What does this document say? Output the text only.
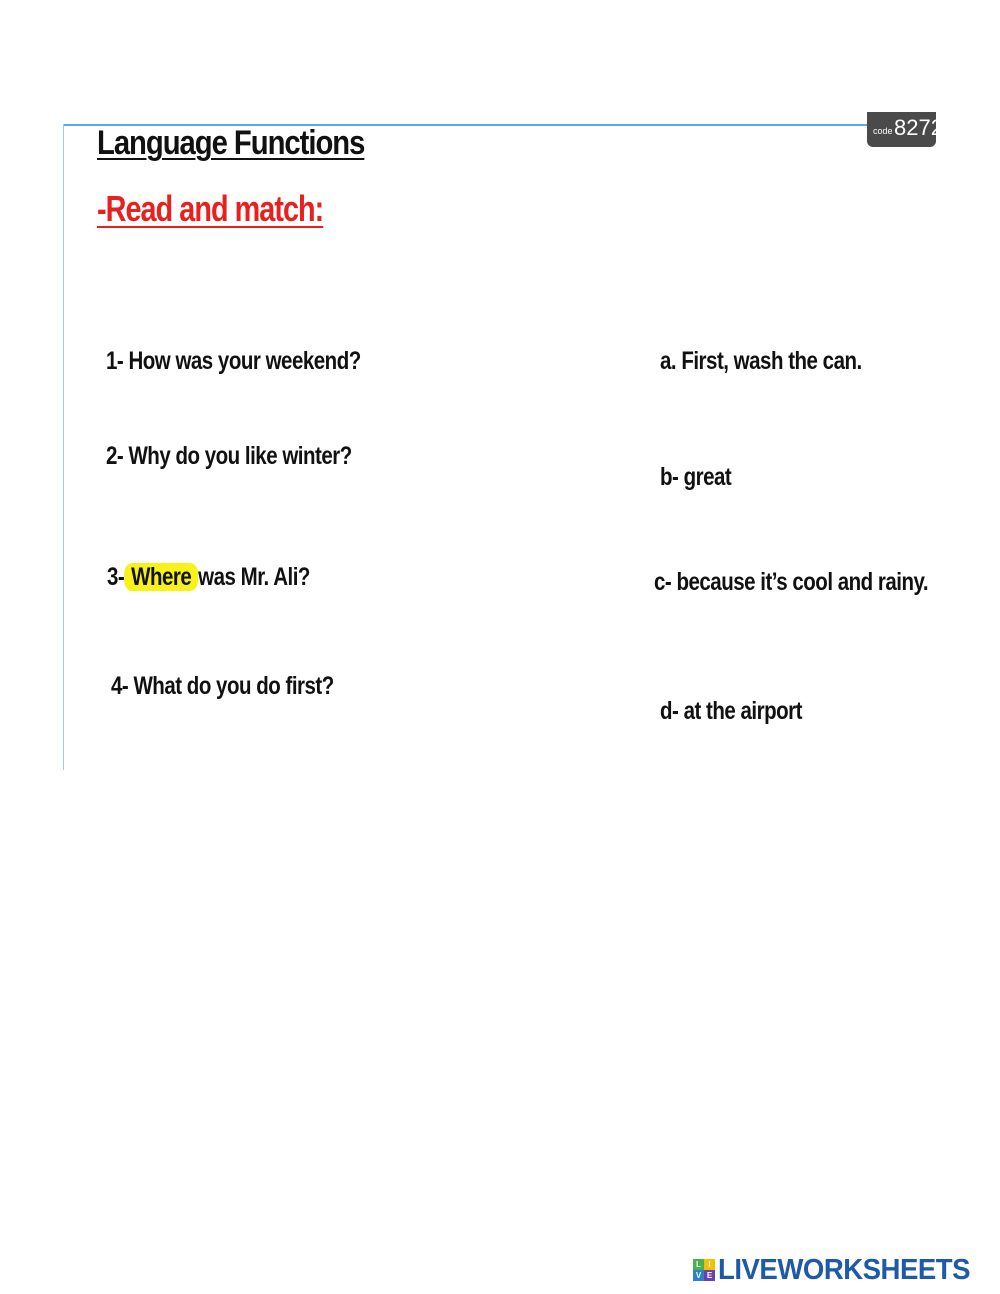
code 8272
Language Functions
-Read and match:
1- How was your weekend?
2- Why do you like winter?
3- Where was Mr. Ali?
4- What do you do first?
a. First, wash the can.
b- great
c- because it’s cool and rainy.
d- at the airport
L I
V E LIVEWORKSHEETS
